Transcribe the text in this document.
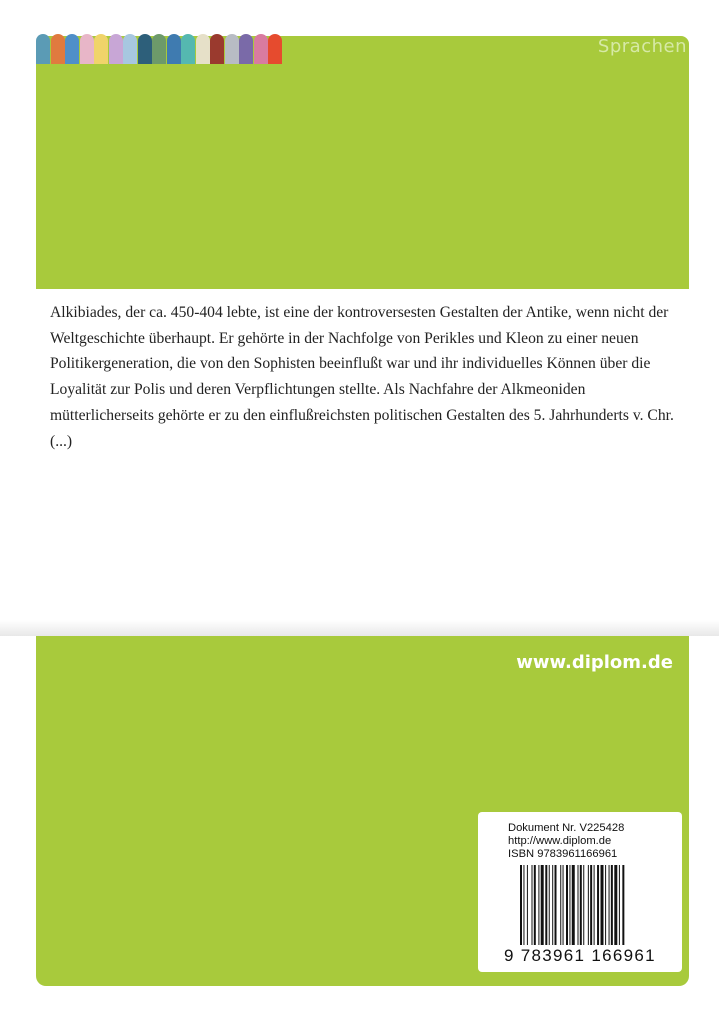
Sprachen

Alkibiades, der ca. 450-404 lebte, ist eine der kontroversesten Gestalten der Antike, wenn nicht der Weltgeschichte überhaupt. Er gehörte in der Nachfolge von Perikles und Kleon zu einer neuen Politikergeneration, die von den Sophisten beeinflußt war und ihr individuelles Können über die Loyalität zur Polis und deren Verpflichtungen stellte. Als Nachfahre der Alkmeoniden mütterlicherseits gehörte er zu den einflußreichsten politischen Gestalten des 5. Jahrhunderts v. Chr. (...)

www.diplom.de
Dokument Nr. V225428
http://www.diplom.de
ISBN 9783961166961
9 783961 166961
